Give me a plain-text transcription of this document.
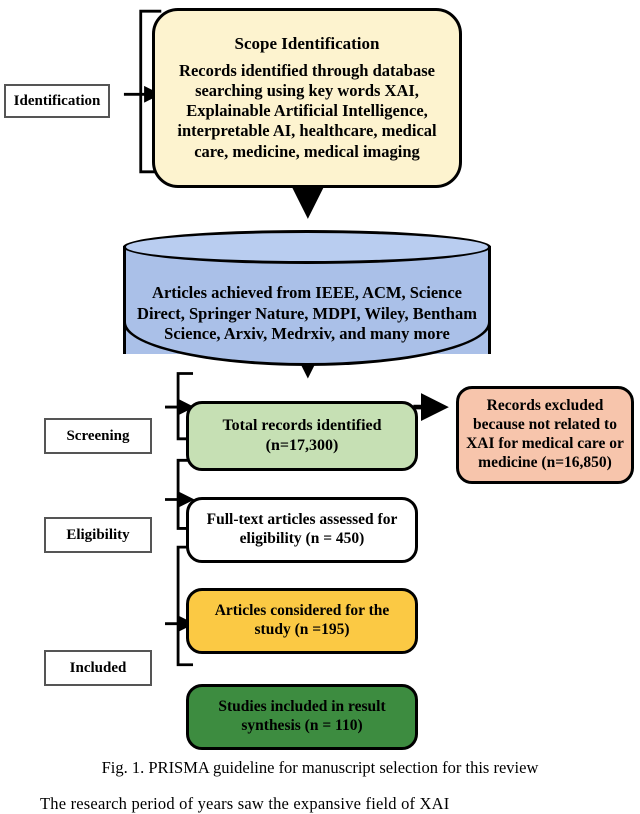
Identification
Screening
Eligibility
Included
Scope Identification
Records identified through database searching using key words XAI, Explainable Artificial Intelligence, interpretable AI, healthcare, medical care, medicine, medical imaging
Articles achieved from IEEE, ACM, Science Direct, Springer Nature, MDPI, Wiley, Bentham Science, Arxiv, Medrxiv, and many more
Total records identified
(n=17,300)
Records excluded because not related to XAI for medical care or medicine (n=16,850)
Full-text articles assessed for eligibility (n = 450)
Articles considered for the study (n =195)
Studies included in result synthesis (n = 110)
Fig. 1. PRISMA guideline for manuscript selection for this review
The research period of years saw the expansive field of XAI
